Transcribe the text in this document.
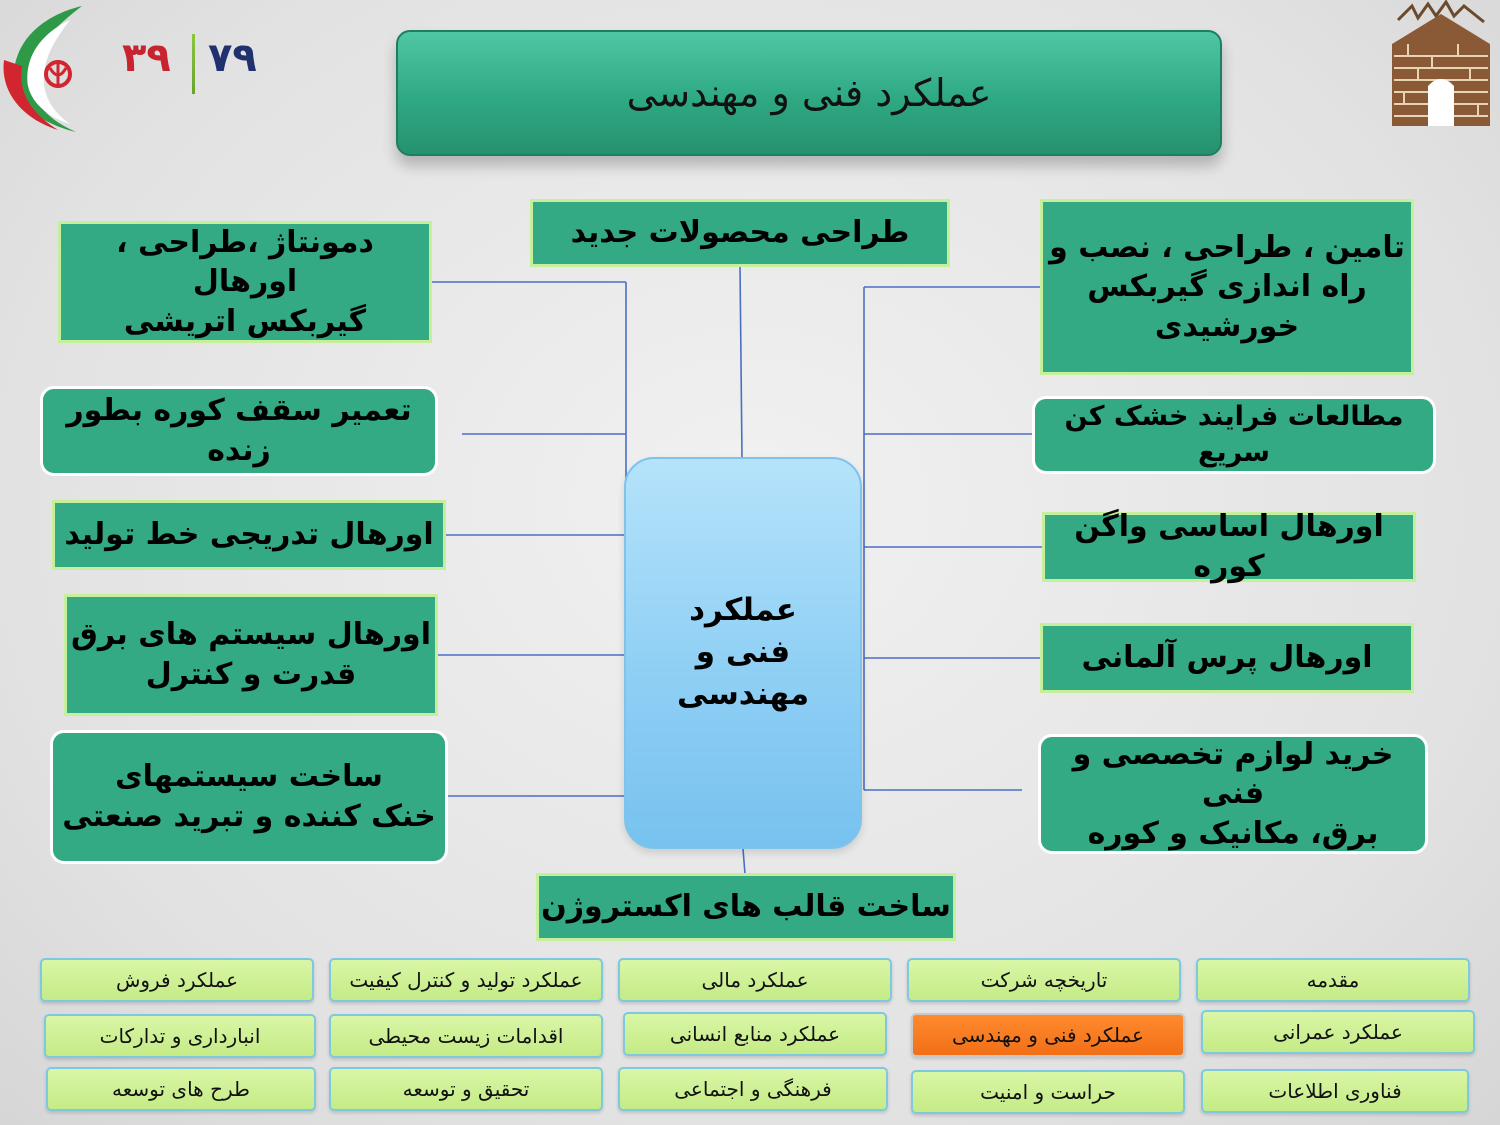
۳۹ ۷۹
عملکرد فنی و مهندسی
عملکرد
فنی و مهندسی
طراحی محصولات جدید
ساخت قالب های اکستروژن
دمونتاژ ،طراحی ، اورهال
گیربکس اتریشی
تعمیر سقف کوره بطور زنده
اورهال تدریجی خط تولید
اورهال سیستم های برق
قدرت و کنترل
ساخت سیستمهای
خنک کننده و تبرید صنعتی
تامین ، طراحی ، نصب و
راه اندازی گیربکس
خورشیدی
مطالعات فرایند خشک کن سریع
اورهال اساسی واگن کوره
اورهال پرس آلمانی
خرید لوازم تخصصی و فنی
برق، مکانیک و کوره
مقدمه
تاریخچه شرکت
عملکرد مالی
عملکرد تولید و کنترل کیفیت
عملکرد فروش
عملکرد عمرانی
عملکرد فنی و مهندسی
عملکرد منابع انسانی
اقدامات زیست محیطی
انبارداری و تدارکات
فناوری اطلاعات
حراست و امنیت
فرهنگی و اجتماعی
تحقیق و توسعه
طرح های توسعه
